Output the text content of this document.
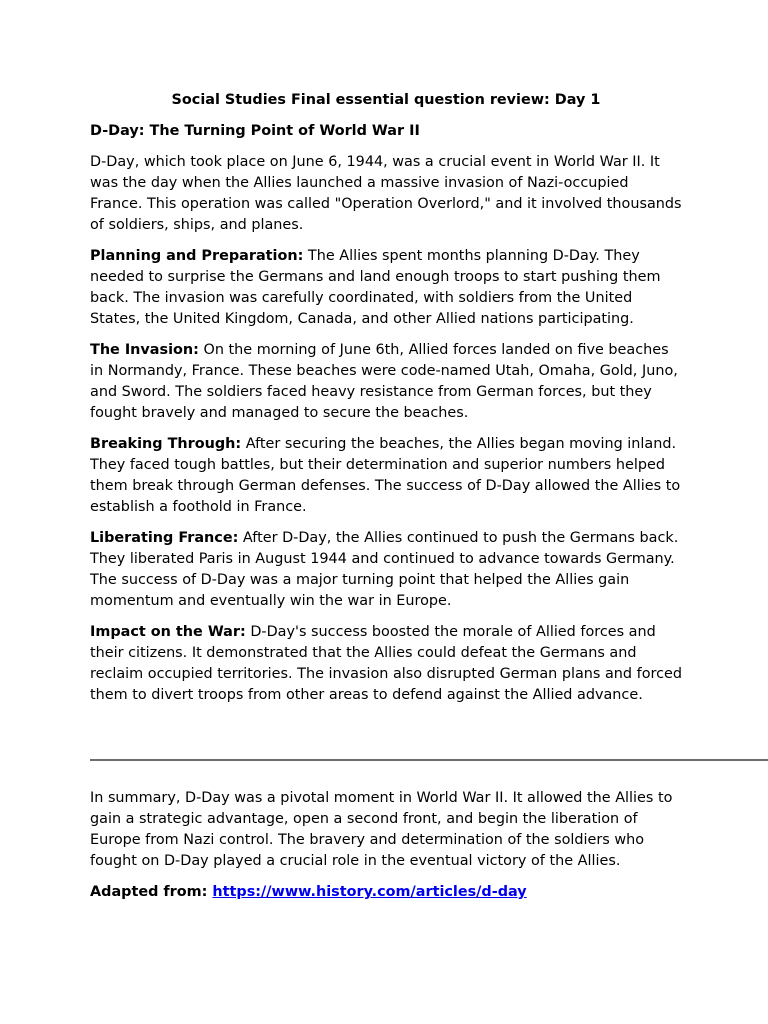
Social Studies Final essential question review: Day 1
D-Day: The Turning Point of World War II

D-Day, which took place on June 6, 1944, was a crucial event in World War II. It was the day when the Allies launched a massive invasion of Nazi-occupied France. This operation was called "Operation Overlord," and it involved thousands of soldiers, ships, and planes.

Planning and Preparation: The Allies spent months planning D-Day. They needed to surprise the Germans and land enough troops to start pushing them back. The invasion was carefully coordinated, with soldiers from the United States, the United Kingdom, Canada, and other Allied nations participating.

The Invasion: On the morning of June 6th, Allied forces landed on five beaches in Normandy, France. These beaches were code-named Utah, Omaha, Gold, Juno, and Sword. The soldiers faced heavy resistance from German forces, but they fought bravely and managed to secure the beaches.

Breaking Through: After securing the beaches, the Allies began moving inland. They faced tough battles, but their determination and superior numbers helped them break through German defenses. The success of D-Day allowed the Allies to establish a foothold in France.

Liberating France: After D-Day, the Allies continued to push the Germans back. They liberated Paris in August 1944 and continued to advance towards Germany. The success of D-Day was a major turning point that helped the Allies gain momentum and eventually win the war in Europe.

Impact on the War: D-Day's success boosted the morale of Allied forces and their citizens. It demonstrated that the Allies could defeat the Germans and reclaim occupied territories. The invasion also disrupted German plans and forced them to divert troops from other areas to defend against the Allied advance.

In summary, D-Day was a pivotal moment in World War II. It allowed the Allies to gain a strategic advantage, open a second front, and begin the liberation of Europe from Nazi control. The bravery and determination of the soldiers who fought on D-Day played a crucial role in the eventual victory of the Allies.

Adapted from: https://www.history.com/articles/d-day
